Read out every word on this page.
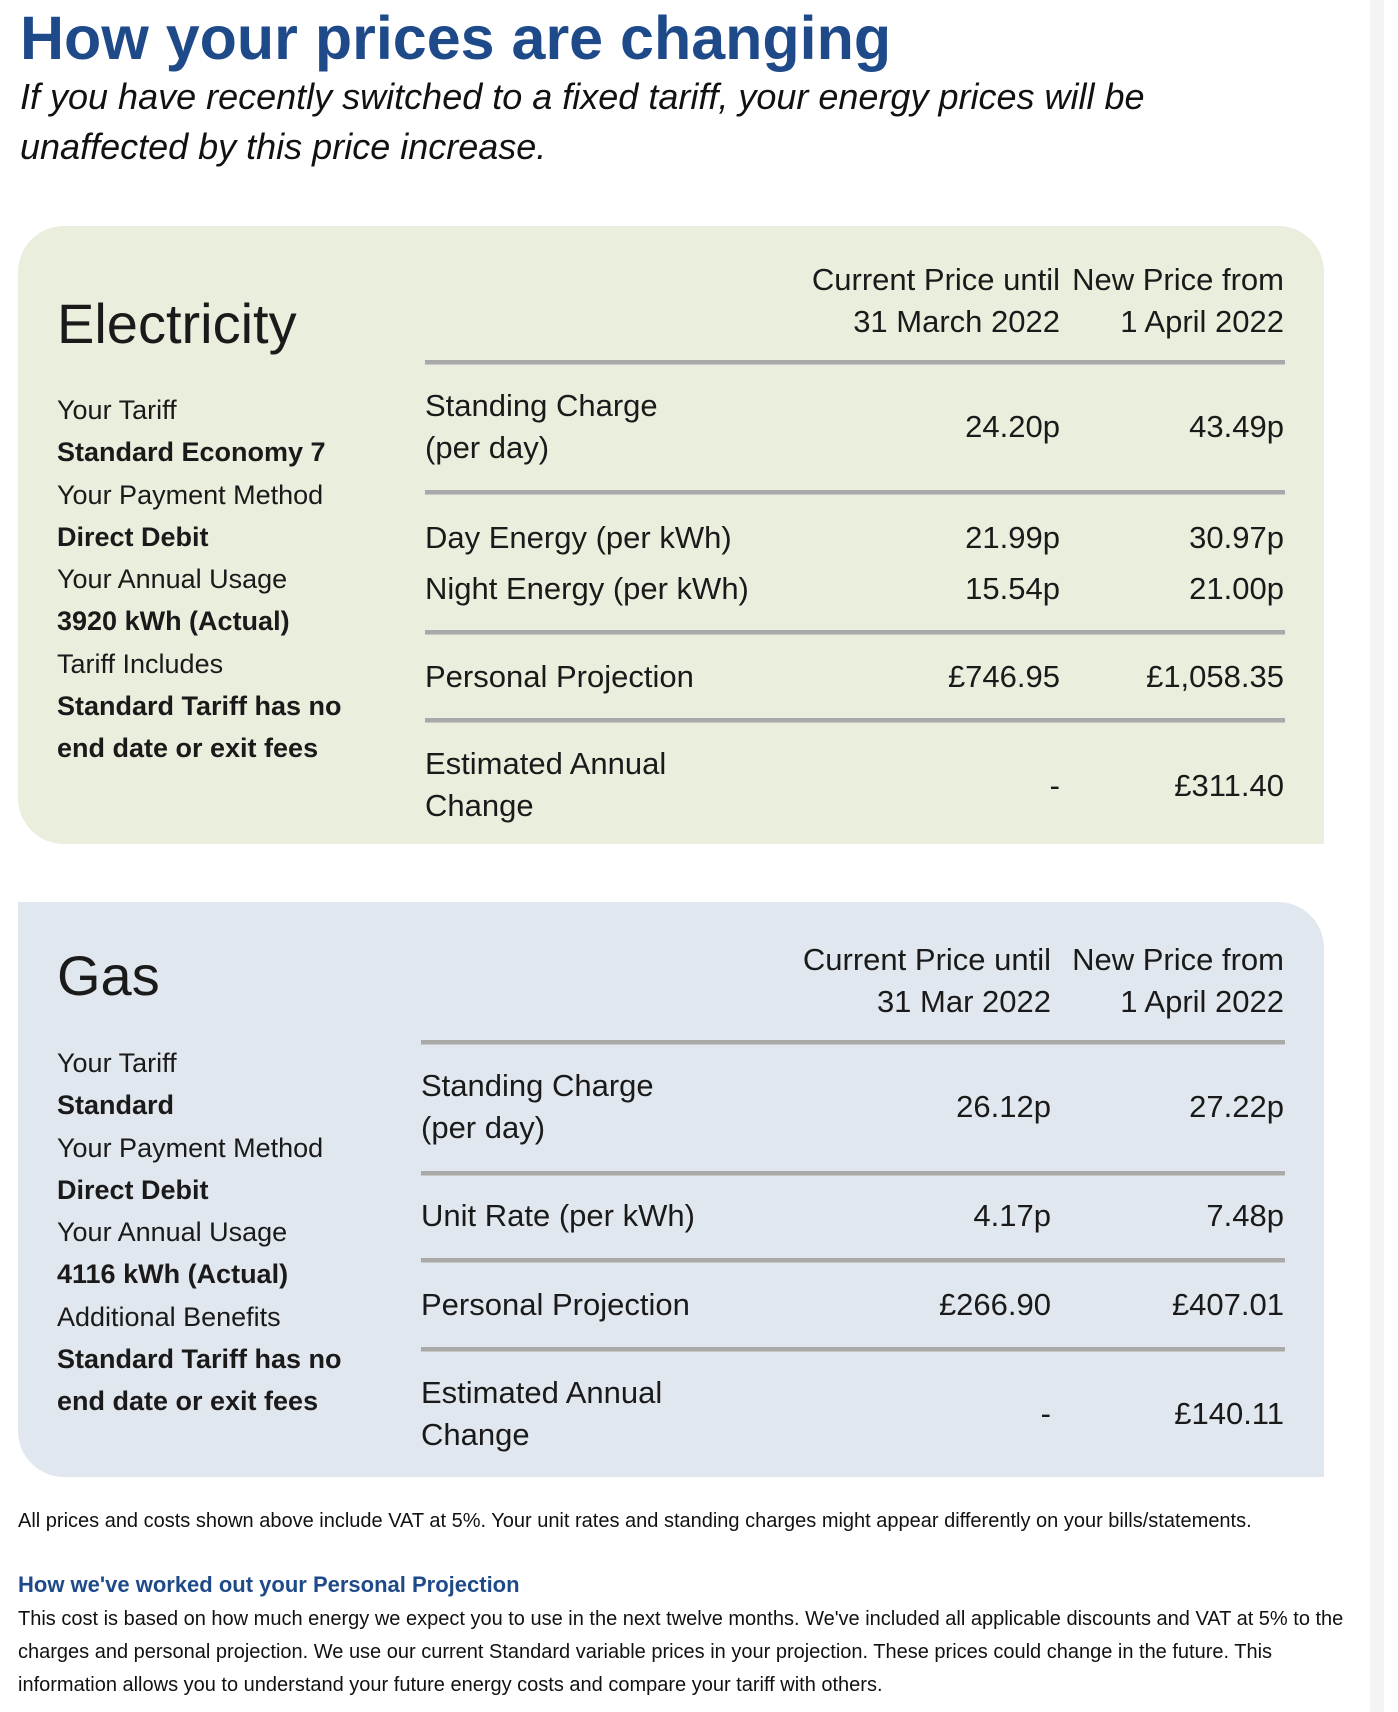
How your prices are changing

If you have recently switched to a fixed tariff, your energy prices will be unaffected by this price increase.

Electricity
Current Price until
31 March 2022
New Price from
1 April 2022
Your Tariff
Standard Economy 7
Your Payment Method
Direct Debit
Your Annual Usage
3920 kWh (Actual)
Tariff Includes
Standard Tariff has no
end date or exit fees
Standing Charge
(per day)
24.20p	43.49p
Day Energy (per kWh)	21.99p	30.97p
Night Energy (per kWh)	15.54p	21.00p
Personal Projection	£746.95	£1,058.35
Estimated Annual
Change
-	£311.40
Gas	Current Price until
31 Mar 2022
New Price from
1 April 2022
Your Tariff
Standard
Your Payment Method
Direct Debit
Your Annual Usage
4116 kWh (Actual)
Additional Benefits
Standard Tariff has no
end date or exit fees
Standing Charge
(per day)
26.12p	27.22p
Unit Rate (per kWh)	4.17p	7.48p
Personal Projection	£266.90	£407.01
Estimated Annual
Change
-	£140.11

All prices and costs shown above include VAT at 5%. Your unit rates and standing charges might appear differently on your bills/statements.

How we've worked out your Personal Projection

This cost is based on how much energy we expect you to use in the next twelve months. We've included all applicable discounts and VAT at 5% to the charges and personal projection. We use our current Standard variable prices in your projection. These prices could change in the future. This information allows you to understand your future energy costs and compare your tariff with others.
